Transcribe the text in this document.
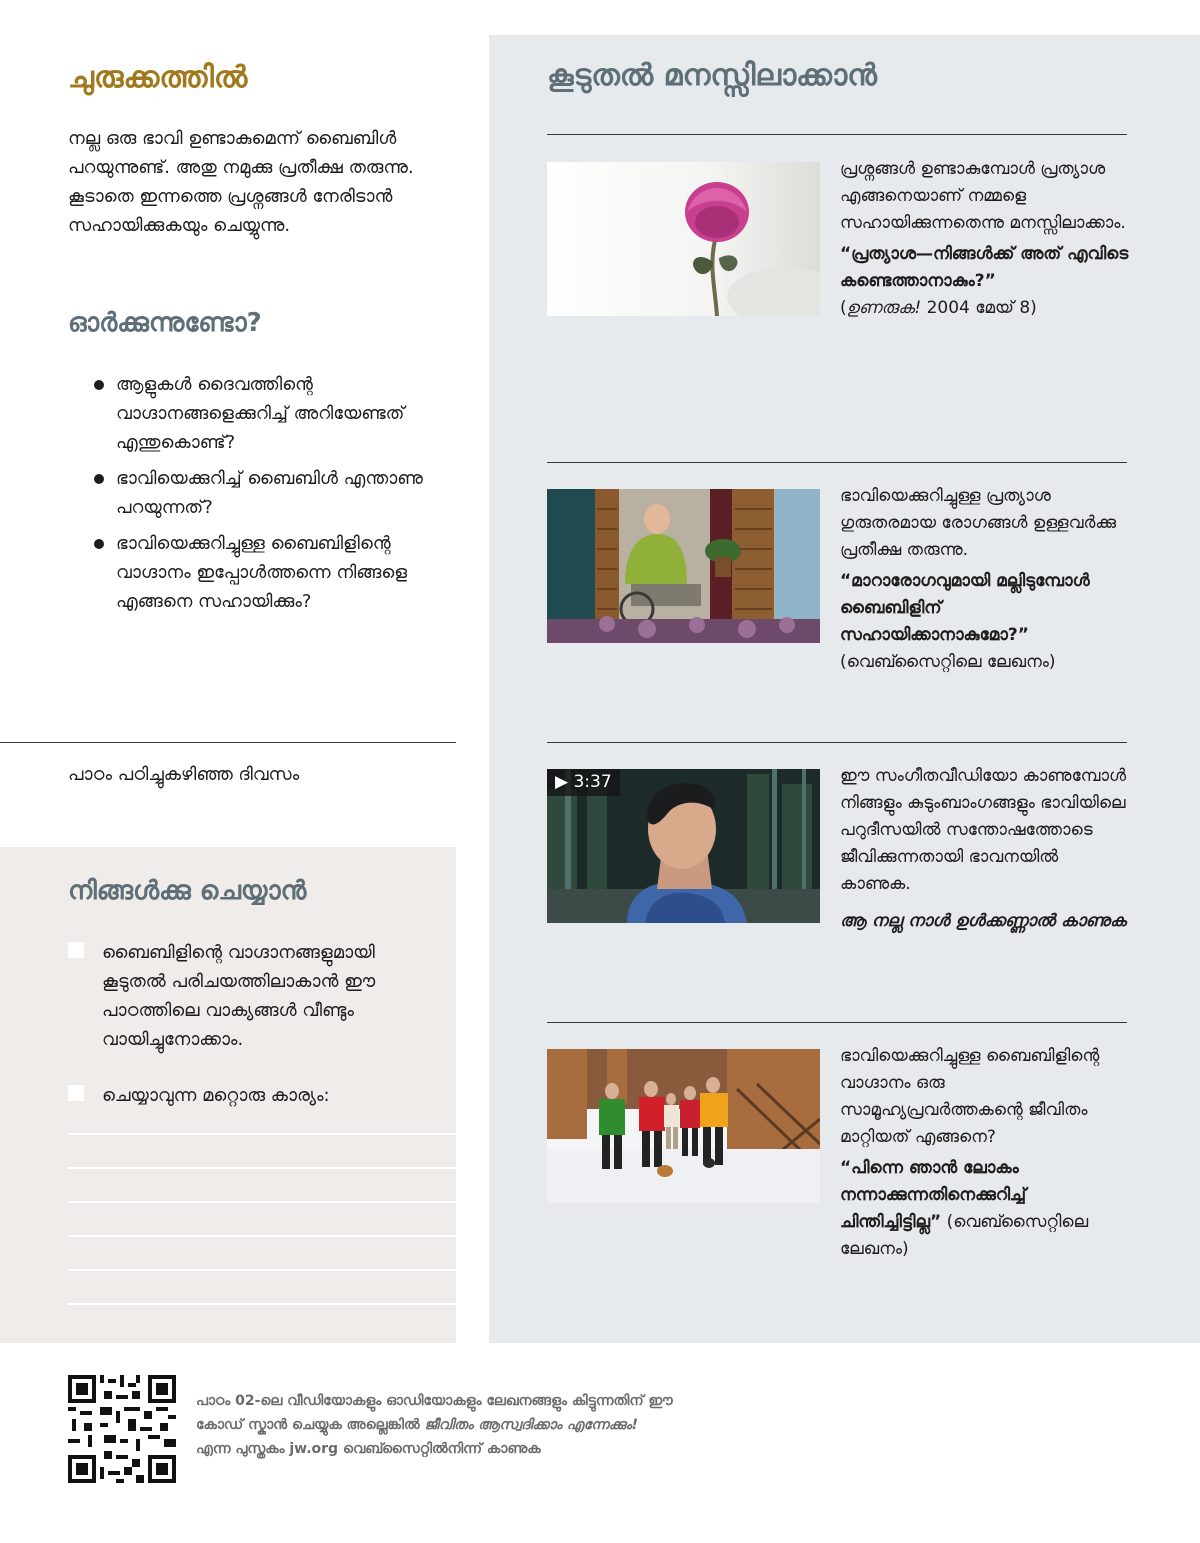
ചുരുക്കത്തിൽ

നല്ല ഒരു ഭാവി ഉണ്ടാകുമെന്ന് ബൈബിൾ പറയുന്നുണ്ട്. അതു നമുക്കു പ്രതീക്ഷ തരുന്നു. കൂടാതെ ഇന്നത്തെ പ്രശ്നങ്ങൾ നേരിടാൻ സഹായിക്കുകയും ചെയ്യുന്നു.

ഓർക്കുന്നുണ്ടോ?
ആളുകൾ ദൈവത്തിന്റെ വാഗ്ദാനങ്ങളെക്കുറിച്ച് അറിയേണ്ടത് എന്തുകൊണ്ട്?
ഭാവിയെക്കുറിച്ച് ബൈബിൾ എന്താണു പറയുന്നത്?
ഭാവിയെക്കുറിച്ചുള്ള ബൈബിളിന്റെ വാഗ്ദാനം ഇപ്പോൾത്തന്നെ നിങ്ങളെ എങ്ങനെ സഹായിക്കും?
പാഠം പഠിച്ചുകഴിഞ്ഞ ദിവസം
നിങ്ങൾക്കു ചെയ്യാൻ
ബൈബിളിന്റെ വാഗ്ദാനങ്ങളുമായി കൂടുതൽ പരിചയത്തിലാകാൻ ഈ പാഠത്തിലെ വാക്യങ്ങൾ വീണ്ടും വായിച്ചുനോക്കാം.
ചെയ്യാവുന്ന മറ്റൊരു കാര്യം:
കൂടുതൽ മനസ്സിലാക്കാൻ
പ്രശ്നങ്ങൾ ഉണ്ടാകുമ്പോൾ പ്രത്യാശ എങ്ങനെയാണ് നമ്മളെ സഹായിക്കുന്നതെന്നു മനസ്സിലാക്കാം.
“പ്രത്യാശ—നിങ്ങൾക്ക് അത് എവിടെ കണ്ടെത്താനാകും?”
(ഉണരുക! 2004 മേയ് 8)
ഭാവിയെക്കുറിച്ചുള്ള പ്രത്യാശ ഗുരുതരമായ രോഗങ്ങൾ ഉള്ളവർക്കു പ്രതീക്ഷ തരുന്നു.
“മാറാരോഗവുമായി മല്ലിടുമ്പോൾ ബൈബിളിന് സഹായിക്കാനാകുമോ?”
(വെബ്സൈറ്റിലെ ലേഖനം)
▶ 3:37	ഈ സംഗീതവീഡിയോ കാണുമ്പോൾ നിങ്ങളും കുടുംബാംഗങ്ങളും ഭാവിയിലെ പറുദീസയിൽ സന്തോഷത്തോടെ ജീവിക്കുന്നതായി ഭാവനയിൽ കാണുക.
ആ നല്ല നാൾ ഉൾക്കണ്ണാൽ കാണുക
ഭാവിയെക്കുറിച്ചുള്ള ബൈബിളിന്റെ വാഗ്ദാനം ഒരു സാമൂഹ്യപ്രവർത്തകന്റെ ജീവിതം മാറ്റിയത് എങ്ങനെ?
“പിന്നെ ഞാൻ ലോകം നന്നാക്കുന്നതിനെക്കുറിച്ച് ചിന്തിച്ചിട്ടില്ല” (വെബ്സൈറ്റിലെ ലേഖനം)

പാഠം 02-ലെ വീഡിയോകളും ഓഡിയോകളും ലേഖനങ്ങളും കിട്ടുന്നതിന് ഈ കോഡ് സ്കാൻ ചെയ്യുക അല്ലെങ്കിൽ ജീവിതം ആസ്വദിക്കാം എന്നേക്കും! എന്ന പുസ്തകം jw.org വെബ്സൈറ്റിൽനിന്ന് കാണുക
